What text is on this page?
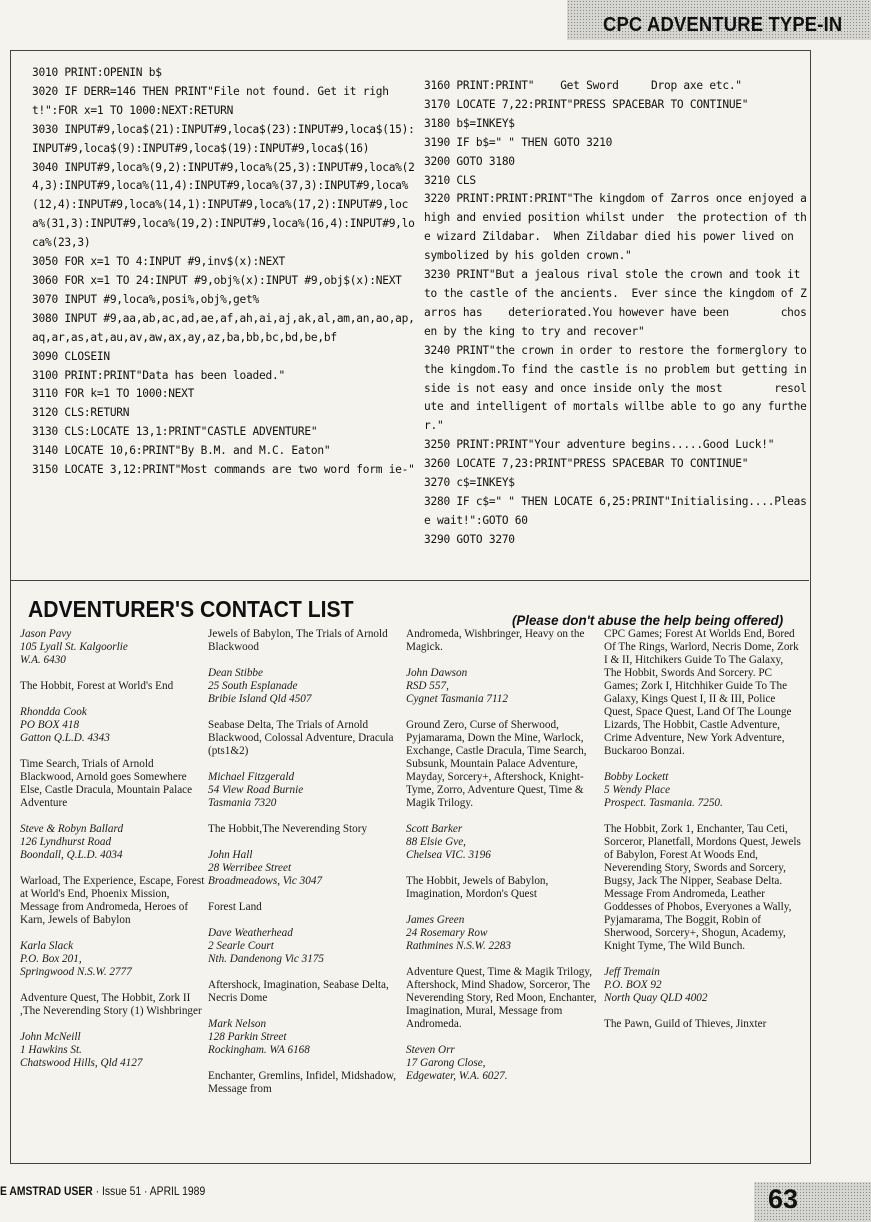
CPC ADVENTURE TYPE-IN
3010 PRINT:OPENIN b$
3020 IF DERR=146 THEN PRINT"File not found. Get it righ t!":FOR x=1 TO 1000:NEXT:RETURN
3030 INPUT#9,loca$(21):INPUT#9,loca$(23):INPUT#9,loca$(15):INPUT#9,loca$(9):INPUT#9,loca$(19):INPUT#9,loca$(16)
3040 INPUT#9,loca%(9,2):INPUT#9,loca%(25,3):INPUT#9,loca%(24,3):INPUT#9,loca%(11,4):INPUT#9,loca%(37,3):INPUT#9,loca%(12,4):INPUT#9,loca%(14,1):INPUT#9,loca%(17,2):INPUT#9,loca%(31,3):INPUT#9,loca%(19,2):INPUT#9,loca%(16,4):INPUT#9,loca%(23,3)
3050 FOR x=1 TO 4:INPUT #9,inv$(x):NEXT
3060 FOR x=1 TO 24:INPUT #9,obj%(x):INPUT #9,obj$(x):NEXT
3070 INPUT #9,loca%,posi%,obj%,get%
3080 INPUT #9,aa,ab,ac,ad,ae,af,ah,ai,aj,ak,al,am,an,ao,ap,aq,ar,as,at,au,av,aw,ax,ay,az,ba,bb,bc,bd,be,bf
3090 CLOSEIN
3100 PRINT:PRINT"Data has been loaded."
3110 FOR k=1 TO 1000:NEXT
3120 CLS:RETURN
3130 CLS:LOCATE 13,1:PRINT"CASTLE ADVENTURE"
3140 LOCATE 10,6:PRINT"By B.M. and M.C. Eaton"
3150 LOCATE 3,12:PRINT"Most commands are two word form ie-"
3160 PRINT:PRINT"    Get Sword     Drop axe etc."
3170 LOCATE 7,22:PRINT"PRESS SPACEBAR TO CONTINUE"
3180 b$=INKEY$
3190 IF b$=" " THEN GOTO 3210
3200 GOTO 3180
3210 CLS
3220 PRINT:PRINT:PRINT"The kingdom of Zarros once enjoyed a    high and envied position whilst under  the protection of the wizard Zildabar.  When Zildabar died his power lived on   symbolized by his golden crown."
3230 PRINT"But a jealous rival stole the crown and took it to the castle of the ancients.  Ever since the kingdom of Zarros has    deteriorated.You however have been        chosen by the king to try and recover"
3240 PRINT"the crown in order to restore the formerglory to the kingdom.To find the castle is no problem but getting inside is not easy and once inside only the most        resolute and intelligent of mortals willbe able to go any further."
3250 PRINT:PRINT"Your adventure begins.....Good Luck!"
3260 LOCATE 7,23:PRINT"PRESS SPACEBAR TO CONTINUE"
3270 c$=INKEY$
3280 IF c$=" " THEN LOCATE 6,25:PRINT"Initialising....Please wait!":GOTO 60
3290 GOTO 3270
ADVENTURER'S CONTACT LIST	(Please don't abuse the help being offered)
Jason Pavy
105 Lyall St. Kalgoorlie
W.A. 6430
The Hobbit, Forest at World's End
Rhondda Cook
PO BOX 418
Gatton Q.L.D. 4343
Time Search, Trials of Arnold Blackwood, Arnold goes Somewhere Else, Castle Dracula, Mountain Palace Adventure
Steve & Robyn Ballard
126 Lyndhurst Road
Boondall, Q.L.D. 4034
Warload, The Experience, Escape, Forest at World's End, Phoenix Mission, Message from Andromeda, Heroes of Karn, Jewels of Babylon
Karla Slack
P.O. Box 201,
Springwood N.S.W. 2777
Adventure Quest, The Hobbit, Zork II ,The Neverending Story (1) Wishbringer
John McNeill
1 Hawkins St.
Chatswood Hills, Qld 4127
Jewels of Babylon, The Trials of Arnold Blackwood
Dean Stibbe
25 South Esplanade
Bribie Island Qld 4507
Seabase Delta, The Trials of Arnold Blackwood, Colossal Adventure, Dracula (pts1&2)
Michael Fitzgerald
54 View Road Burnie
Tasmania 7320
The Hobbit,The Neverending Story
John Hall
28 Werribee Street
Broadmeadows, Vic 3047
Forest Land
Dave Weatherhead
2 Searle Court
Nth. Dandenong Vic 3175
Aftershock, Imagination, Seabase Delta, Necris Dome
Mark Nelson
128 Parkin Street
Rockingham. WA 6168
Enchanter, Gremlins, Infidel, Midshadow, Message from
Andromeda, Wishbringer, Heavy on the Magick.
John Dawson
RSD 557,
Cygnet Tasmania 7112
Ground Zero, Curse of Sherwood, Pyjamarama, Down the Mine, Warlock, Exchange, Castle Dracula, Time Search, Subsunk, Mountain Palace Adventure, Mayday, Sorcery+, Aftershock, Knight-Tyme, Zorro, Adventure Quest, Time & Magik Trilogy.
Scott Barker
88 Elsie Gve,
Chelsea VIC. 3196
The Hobbit, Jewels of Babylon, Imagination, Mordon's Quest
James Green
24 Rosemary Row
Rathmines N.S.W. 2283
Adventure Quest, Time & Magik Trilogy, Aftershock, Mind Shadow, Sorceror, The Neverending Story, Red Moon, Enchanter, Imagination, Mural, Message from Andromeda.
Steven Orr
17 Garong Close,
Edgewater, W.A. 6027.
CPC Games; Forest At Worlds End, Bored Of The Rings, Warlord, Necris Dome, Zork I & II, Hitchikers Guide To The Galaxy, The Hobbit, Swords And Sorcery. PC Games; Zork I, Hitchhiker Guide To The Galaxy, Kings Quest I, II & III, Police Quest, Space Quest, Land Of The Lounge Lizards, The Hobbit, Castle Adventure, Crime Adventure, New York Adventure, Buckaroo Bonzai.
Bobby Lockett
5 Wendy Place
Prospect. Tasmania. 7250.
The Hobbit, Zork 1, Enchanter, Tau Ceti, Sorceror, Planetfall, Mordons Quest, Jewels of Babylon, Forest At Woods End, Neverending Story, Swords and Sorcery, Bugsy, Jack The Nipper, Seabase Delta. Message From Andromeda, Leather Goddesses of Phobos, Everyones a Wally, Pyjamarama, The Boggit, Robin of Sherwood, Sorcery+, Shogun, Academy, Knight Tyme, The Wild Bunch.
Jeff Tremain
P.O. BOX 92
North Quay QLD 4002
The Pawn, Guild of Thieves, Jinxter
E AMSTRAD USER · Issue 51 · APRIL 1989	63
